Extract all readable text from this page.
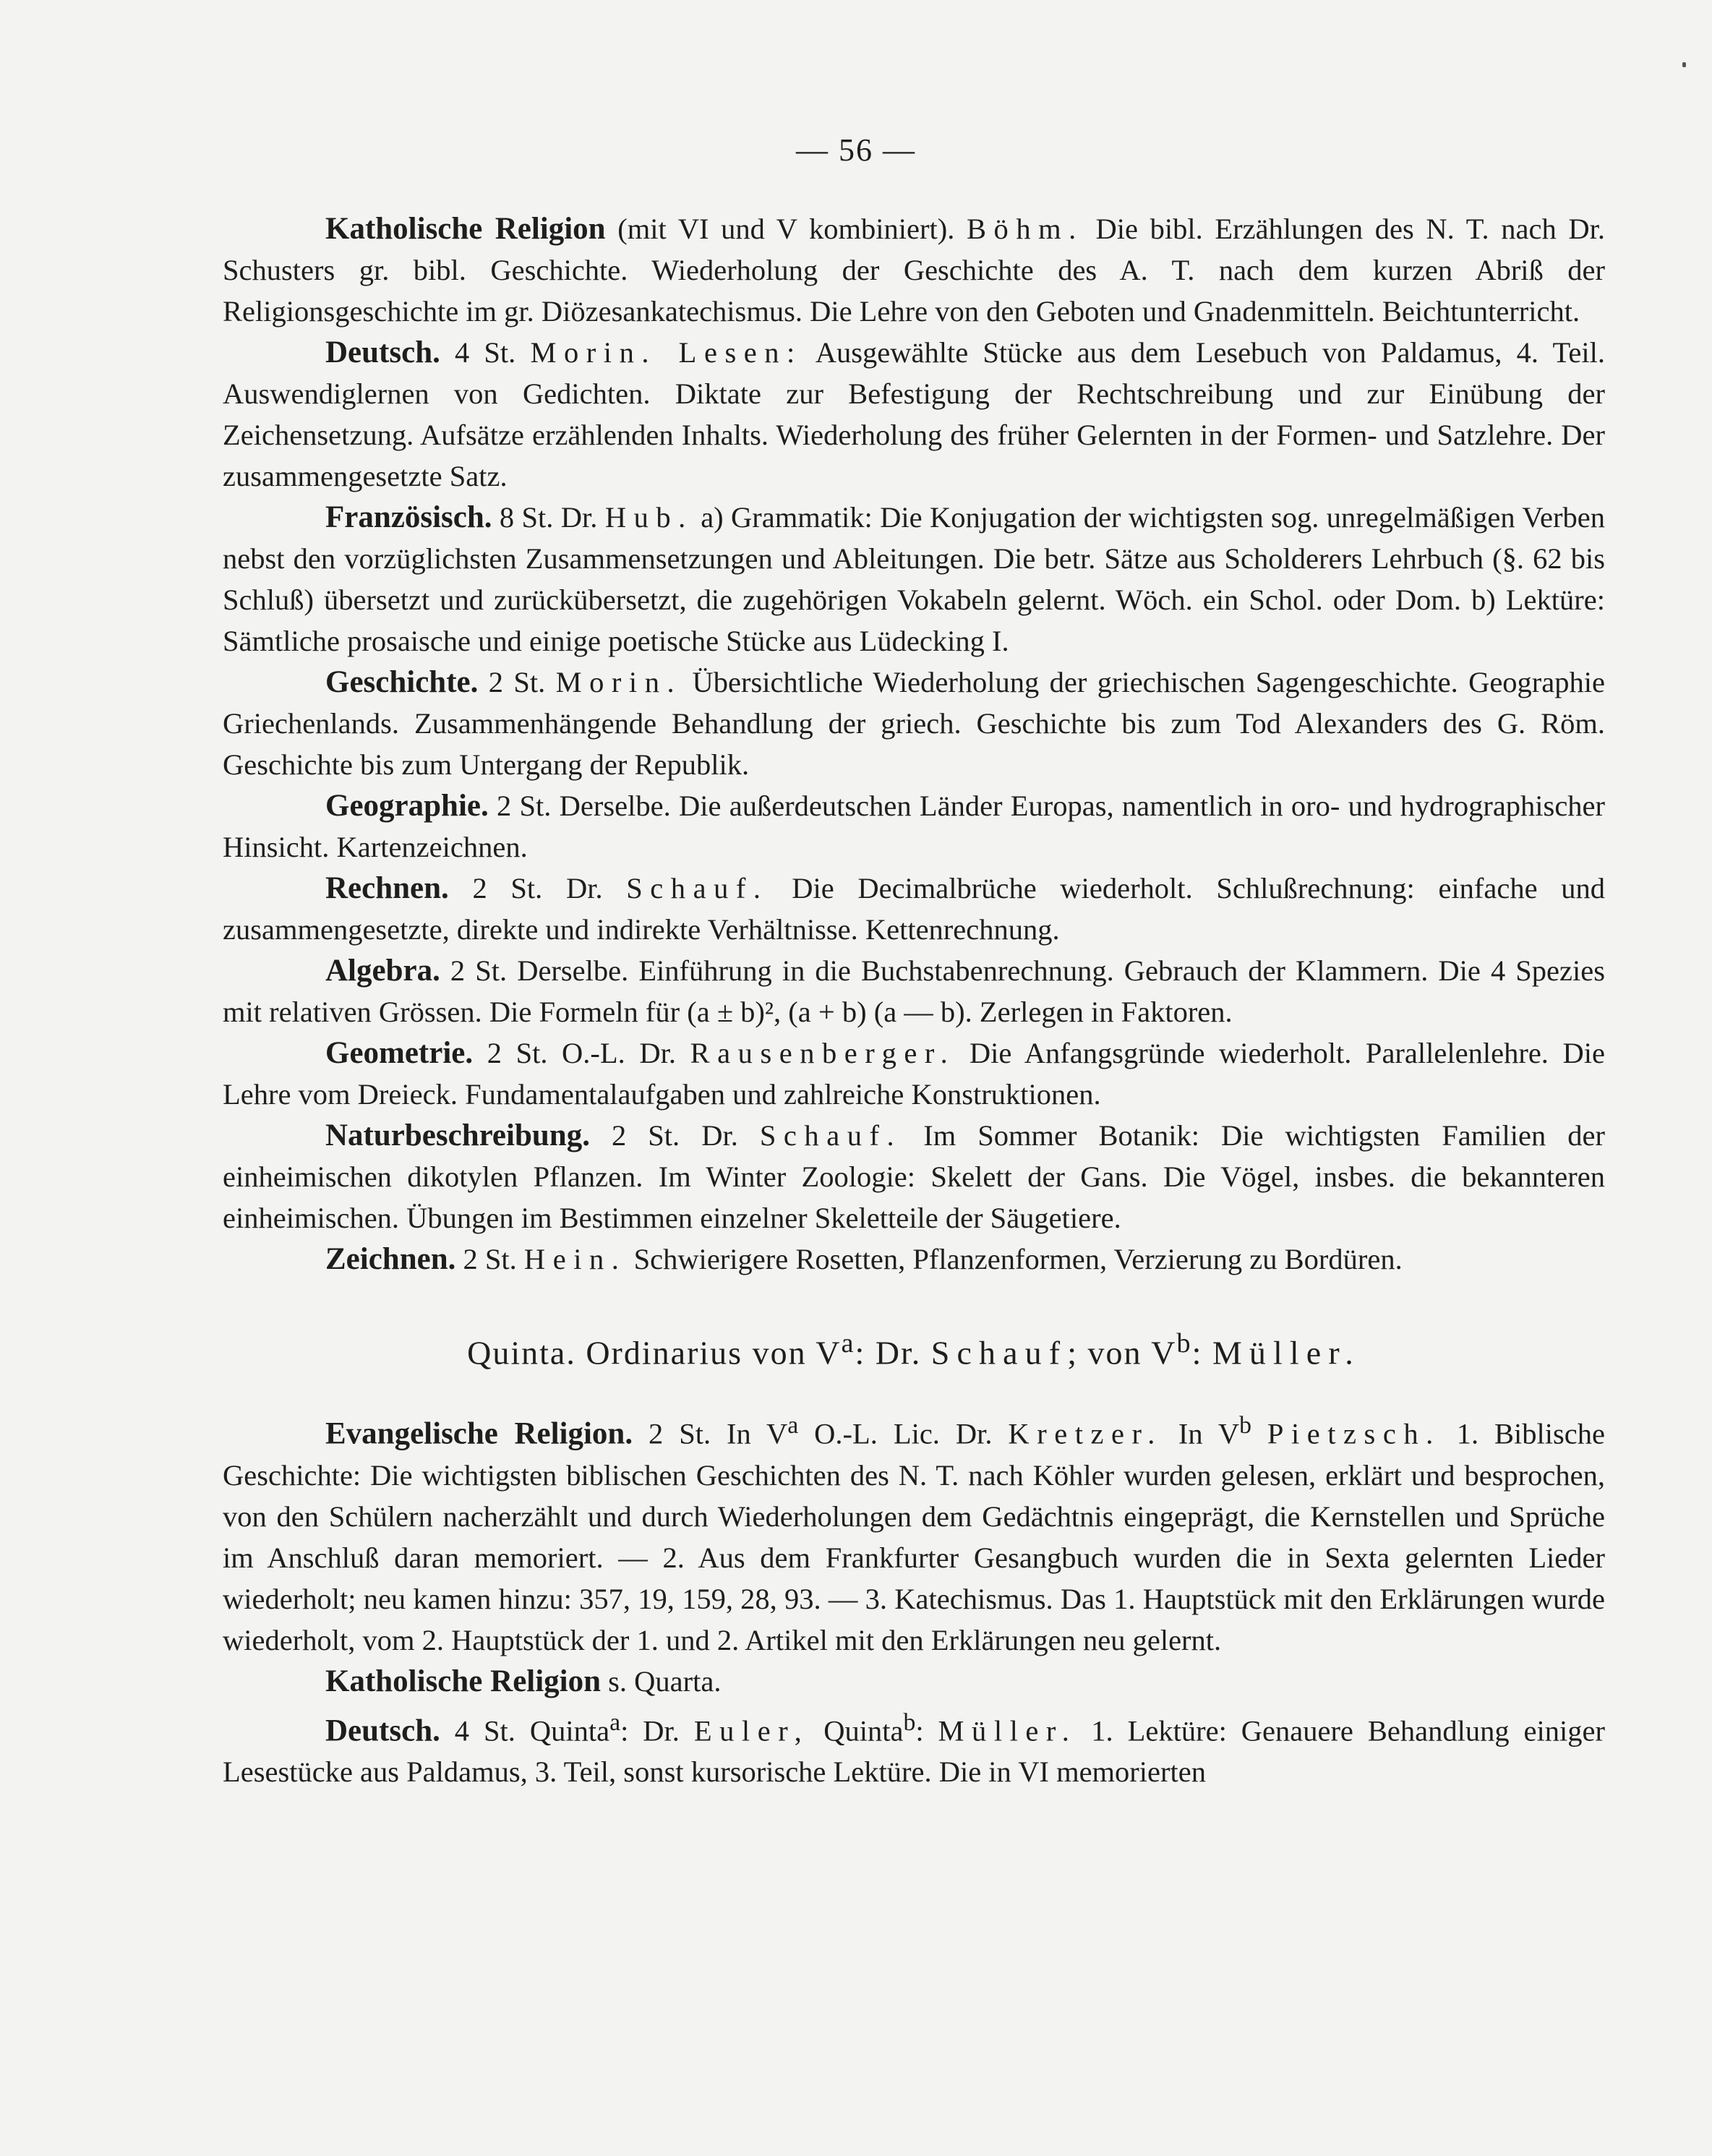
— 56 —

Katholische Religion (mit VI und V kombiniert). Böhm. Die bibl. Erzählungen des N. T. nach Dr. Schusters gr. bibl. Geschichte. Wiederholung der Geschichte des A. T. nach dem kurzen Abriß der Religionsgeschichte im gr. Diözesankatechismus. Die Lehre von den Geboten und Gnadenmitteln. Beichtunterricht.

Deutsch. 4 St. Morin. Lesen: Ausgewählte Stücke aus dem Lesebuch von Paldamus, 4. Teil. Auswendiglernen von Gedichten. Diktate zur Befestigung der Rechtschreibung und zur Einübung der Zeichensetzung. Aufsätze erzählenden Inhalts. Wiederholung des früher Gelernten in der Formen- und Satzlehre. Der zusammengesetzte Satz.

Französisch. 8 St. Dr. Hub. a) Grammatik: Die Konjugation der wichtigsten sog. unregelmäßigen Verben nebst den vorzüglichsten Zusammensetzungen und Ableitungen. Die betr. Sätze aus Scholderers Lehrbuch (§. 62 bis Schluß) übersetzt und zurückübersetzt, die zugehörigen Vokabeln gelernt. Wöch. ein Schol. oder Dom. b) Lektüre: Sämtliche prosaische und einige poetische Stücke aus Lüdecking I.

Geschichte. 2 St. Morin. Übersichtliche Wiederholung der griechischen Sagengeschichte. Geographie Griechenlands. Zusammenhängende Behandlung der griech. Geschichte bis zum Tod Alexanders des G. Röm. Geschichte bis zum Untergang der Republik.

Geographie. 2 St. Derselbe. Die außerdeutschen Länder Europas, namentlich in oro- und hydrographischer Hinsicht. Kartenzeichnen.

Rechnen. 2 St. Dr. Schauf. Die Decimalbrüche wiederholt. Schlußrechnung: einfache und zusammengesetzte, direkte und indirekte Verhältnisse. Kettenrechnung.

Algebra. 2 St. Derselbe. Einführung in die Buchstabenrechnung. Gebrauch der Klammern. Die 4 Spezies mit relativen Grössen. Die Formeln für (a ± b)², (a + b) (a — b). Zerlegen in Faktoren.

Geometrie. 2 St. O.-L. Dr. Rausenberger. Die Anfangsgründe wiederholt. Parallelenlehre. Die Lehre vom Dreieck. Fundamentalaufgaben und zahlreiche Konstruktionen.

Naturbeschreibung. 2 St. Dr. Schauf. Im Sommer Botanik: Die wichtigsten Familien der einheimischen dikotylen Pflanzen. Im Winter Zoologie: Skelett der Gans. Die Vögel, insbes. die bekannteren einheimischen. Übungen im Bestimmen einzelner Skeletteile der Säugetiere.

Zeichnen. 2 St. Hein. Schwierigere Rosetten, Pflanzenformen, Verzierung zu Bordüren.

Quinta. Ordinarius von $V^a$: Dr. Schauf; von $V^b$: Müller.

Evangelische Religion. 2 St. In $V^a$ O.-L. Lic. Dr. Kretzer. In $V^b$ Pietzsch. 1. Biblische Geschichte: Die wichtigsten biblischen Geschichten des N. T. nach Köhler wurden gelesen, erklärt und besprochen, von den Schülern nacherzählt und durch Wiederholungen dem Gedächtnis eingeprägt, die Kernstellen und Sprüche im Anschluß daran memoriert. — 2. Aus dem Frankfurter Gesangbuch wurden die in Sexta gelernten Lieder wiederholt; neu kamen hinzu: 357, 19, 159, 28, 93. — 3. Katechismus. Das 1. Hauptstück mit den Erklärungen wurde wiederholt, vom 2. Hauptstück der 1. und 2. Artikel mit den Erklärungen neu gelernt.

Katholische Religion s. Quarta.

Deutsch. 4 St. Quinta$^a$: Dr. Euler, Quinta$^b$: Müller. 1. Lektüre: Genauere Behandlung einiger Lesestücke aus Paldamus, 3. Teil, sonst kursorische Lektüre. Die in VI memorierten
